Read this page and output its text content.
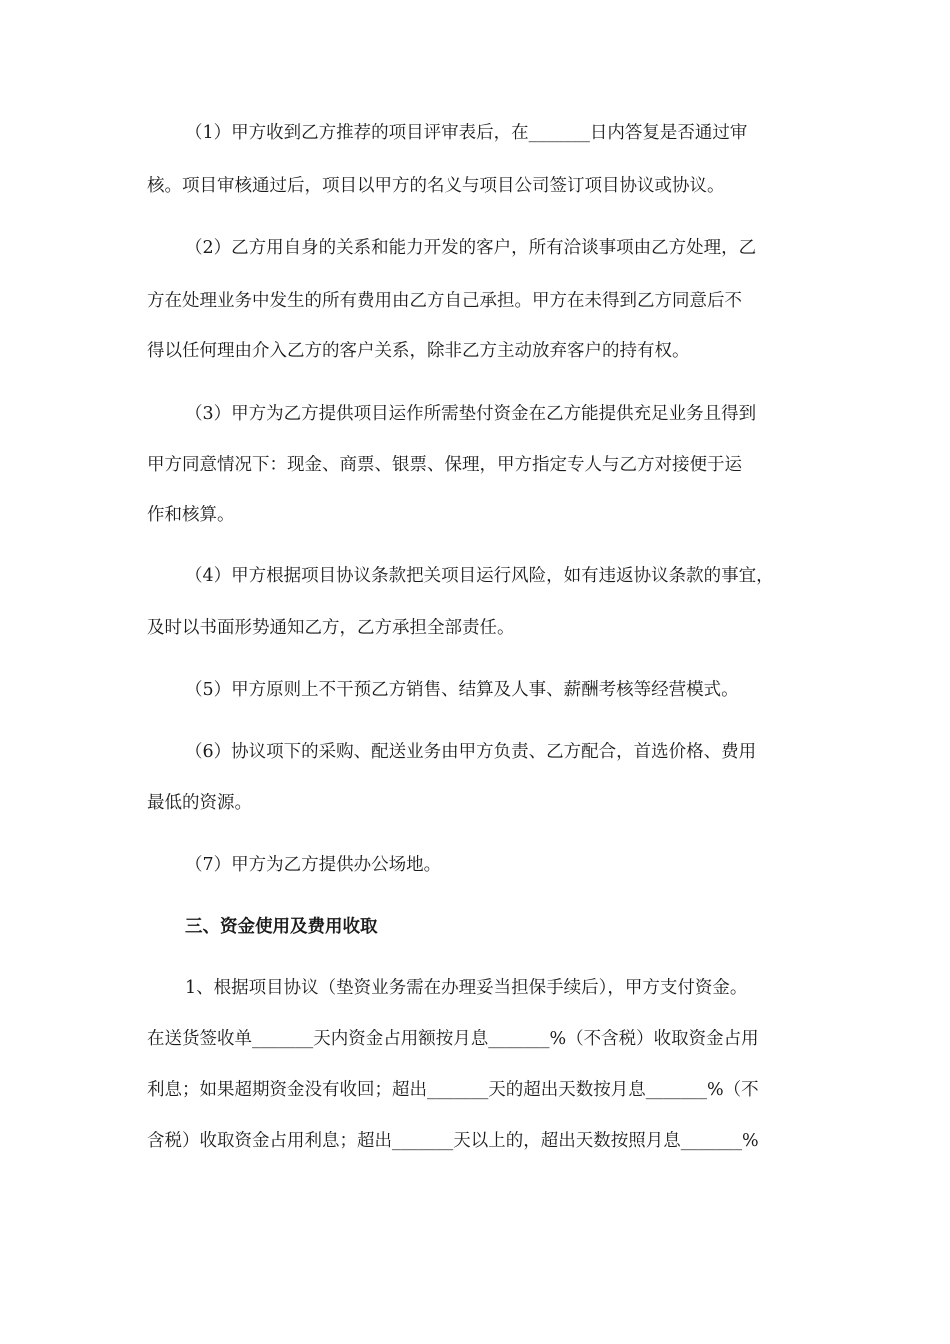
（1）甲方收到乙方推荐的项目评审表后，在_______日内答复是否通过审
核。项目审核通过后，项目以甲方的名义与项目公司签订项目协议或协议。
（2）乙方用自身的关系和能力开发的客户，所有洽谈事项由乙方处理，乙
方在处理业务中发生的所有费用由乙方自己承担。甲方在未得到乙方同意后不
得以任何理由介入乙方的客户关系，除非乙方主动放弃客户的持有权。
（3）甲方为乙方提供项目运作所需垫付资金在乙方能提供充足业务且得到
甲方同意情况下：现金、商票、银票、保理，甲方指定专人与乙方对接便于运
作和核算。
（4）甲方根据项目协议条款把关项目运行风险，如有违返协议条款的事宜，
及时以书面形势通知乙方，乙方承担全部责任。
（5）甲方原则上不干预乙方销售、结算及人事、薪酬考核等经营模式。
（6）协议项下的采购、配送业务由甲方负责、乙方配合，首选价格、费用
最低的资源。
（7）甲方为乙方提供办公场地。
三、资金使用及费用收取
1、根据项目协议（垫资业务需在办理妥当担保手续后），甲方支付资金。
在送货签收单_______天内资金占用额按月息_______%（不含税）收取资金占用
利息；如果超期资金没有收回；超出_______天的超出天数按月息_______%（不
含税）收取资金占用利息；超出_______天以上的，超出天数按照月息_______%
